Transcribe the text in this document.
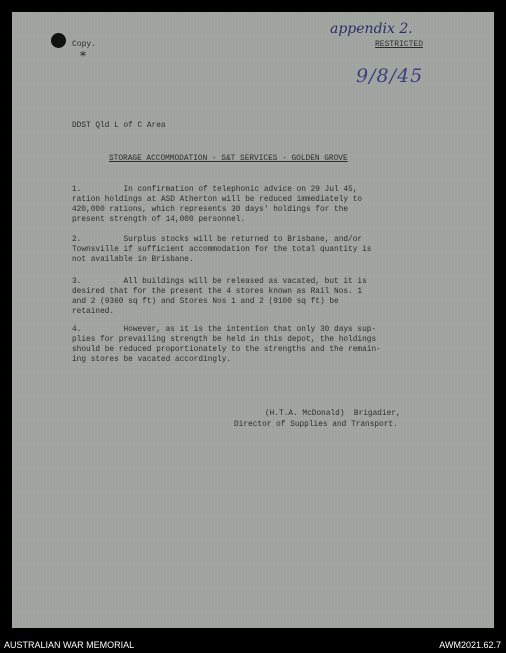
appendix 2.
RESTRICTED
9/8/45
Copy.
*
DDST Qld L of C Area
STORAGE ACCOMMODATION - S&T SERVICES - GOLDEN GROVE
1.         In confirmation of telephonic advice on 29 Jul 45,
ration holdings at ASD Atherton will be reduced immediately to
420,000 rations, which represents 30 days' holdings for the
present strength of 14,000 personnel.
2.         Surplus stocks will be returned to Brisbane, and/or
Townsville if sufficient accommodation for the total quantity is
not available in Brisbane.
3.         All buildings will be released as vacated, but it is
desired that for the present the 4 stores known as Rail Nos. 1
and 2 (9360 sq ft) and Stores Nos 1 and 2 (9100 sq ft) be
retained.
4.         However, as it is the intention that only 30 days sup-
plies for prevailing strength be held in this depot, the holdings
should be reduced proportionately to the strengths and the remain-
ing stores be vacated accordingly.
(H.T.A. McDonald)  Brigadier,
Director of Supplies and Transport.
AUSTRALIAN WAR MEMORIAL	AWM2021.62.7
